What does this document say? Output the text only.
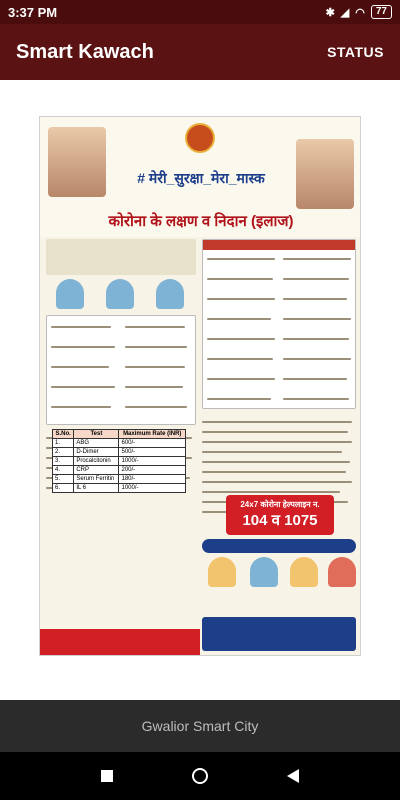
3:37 PM	✱ ◢ ◠	77
Smart Kawach	STATUS
# मेरी_सुरक्षा_मेरा_मास्क
कोरोना के लक्षण व निदान (इलाज)
S.No.	Test	Maximum Rate (INR)
1.	ABG	600/-
2.	D-Dimer	500/-
3.	Procalcitonin	1000/-
4.	CRP	200/-
5.	Serum Ferritin	180/-
6.	IL 6	1000/-
24x7 कोरोना हेल्पलाइन न.
104 व 1075
Gwalior Smart City
